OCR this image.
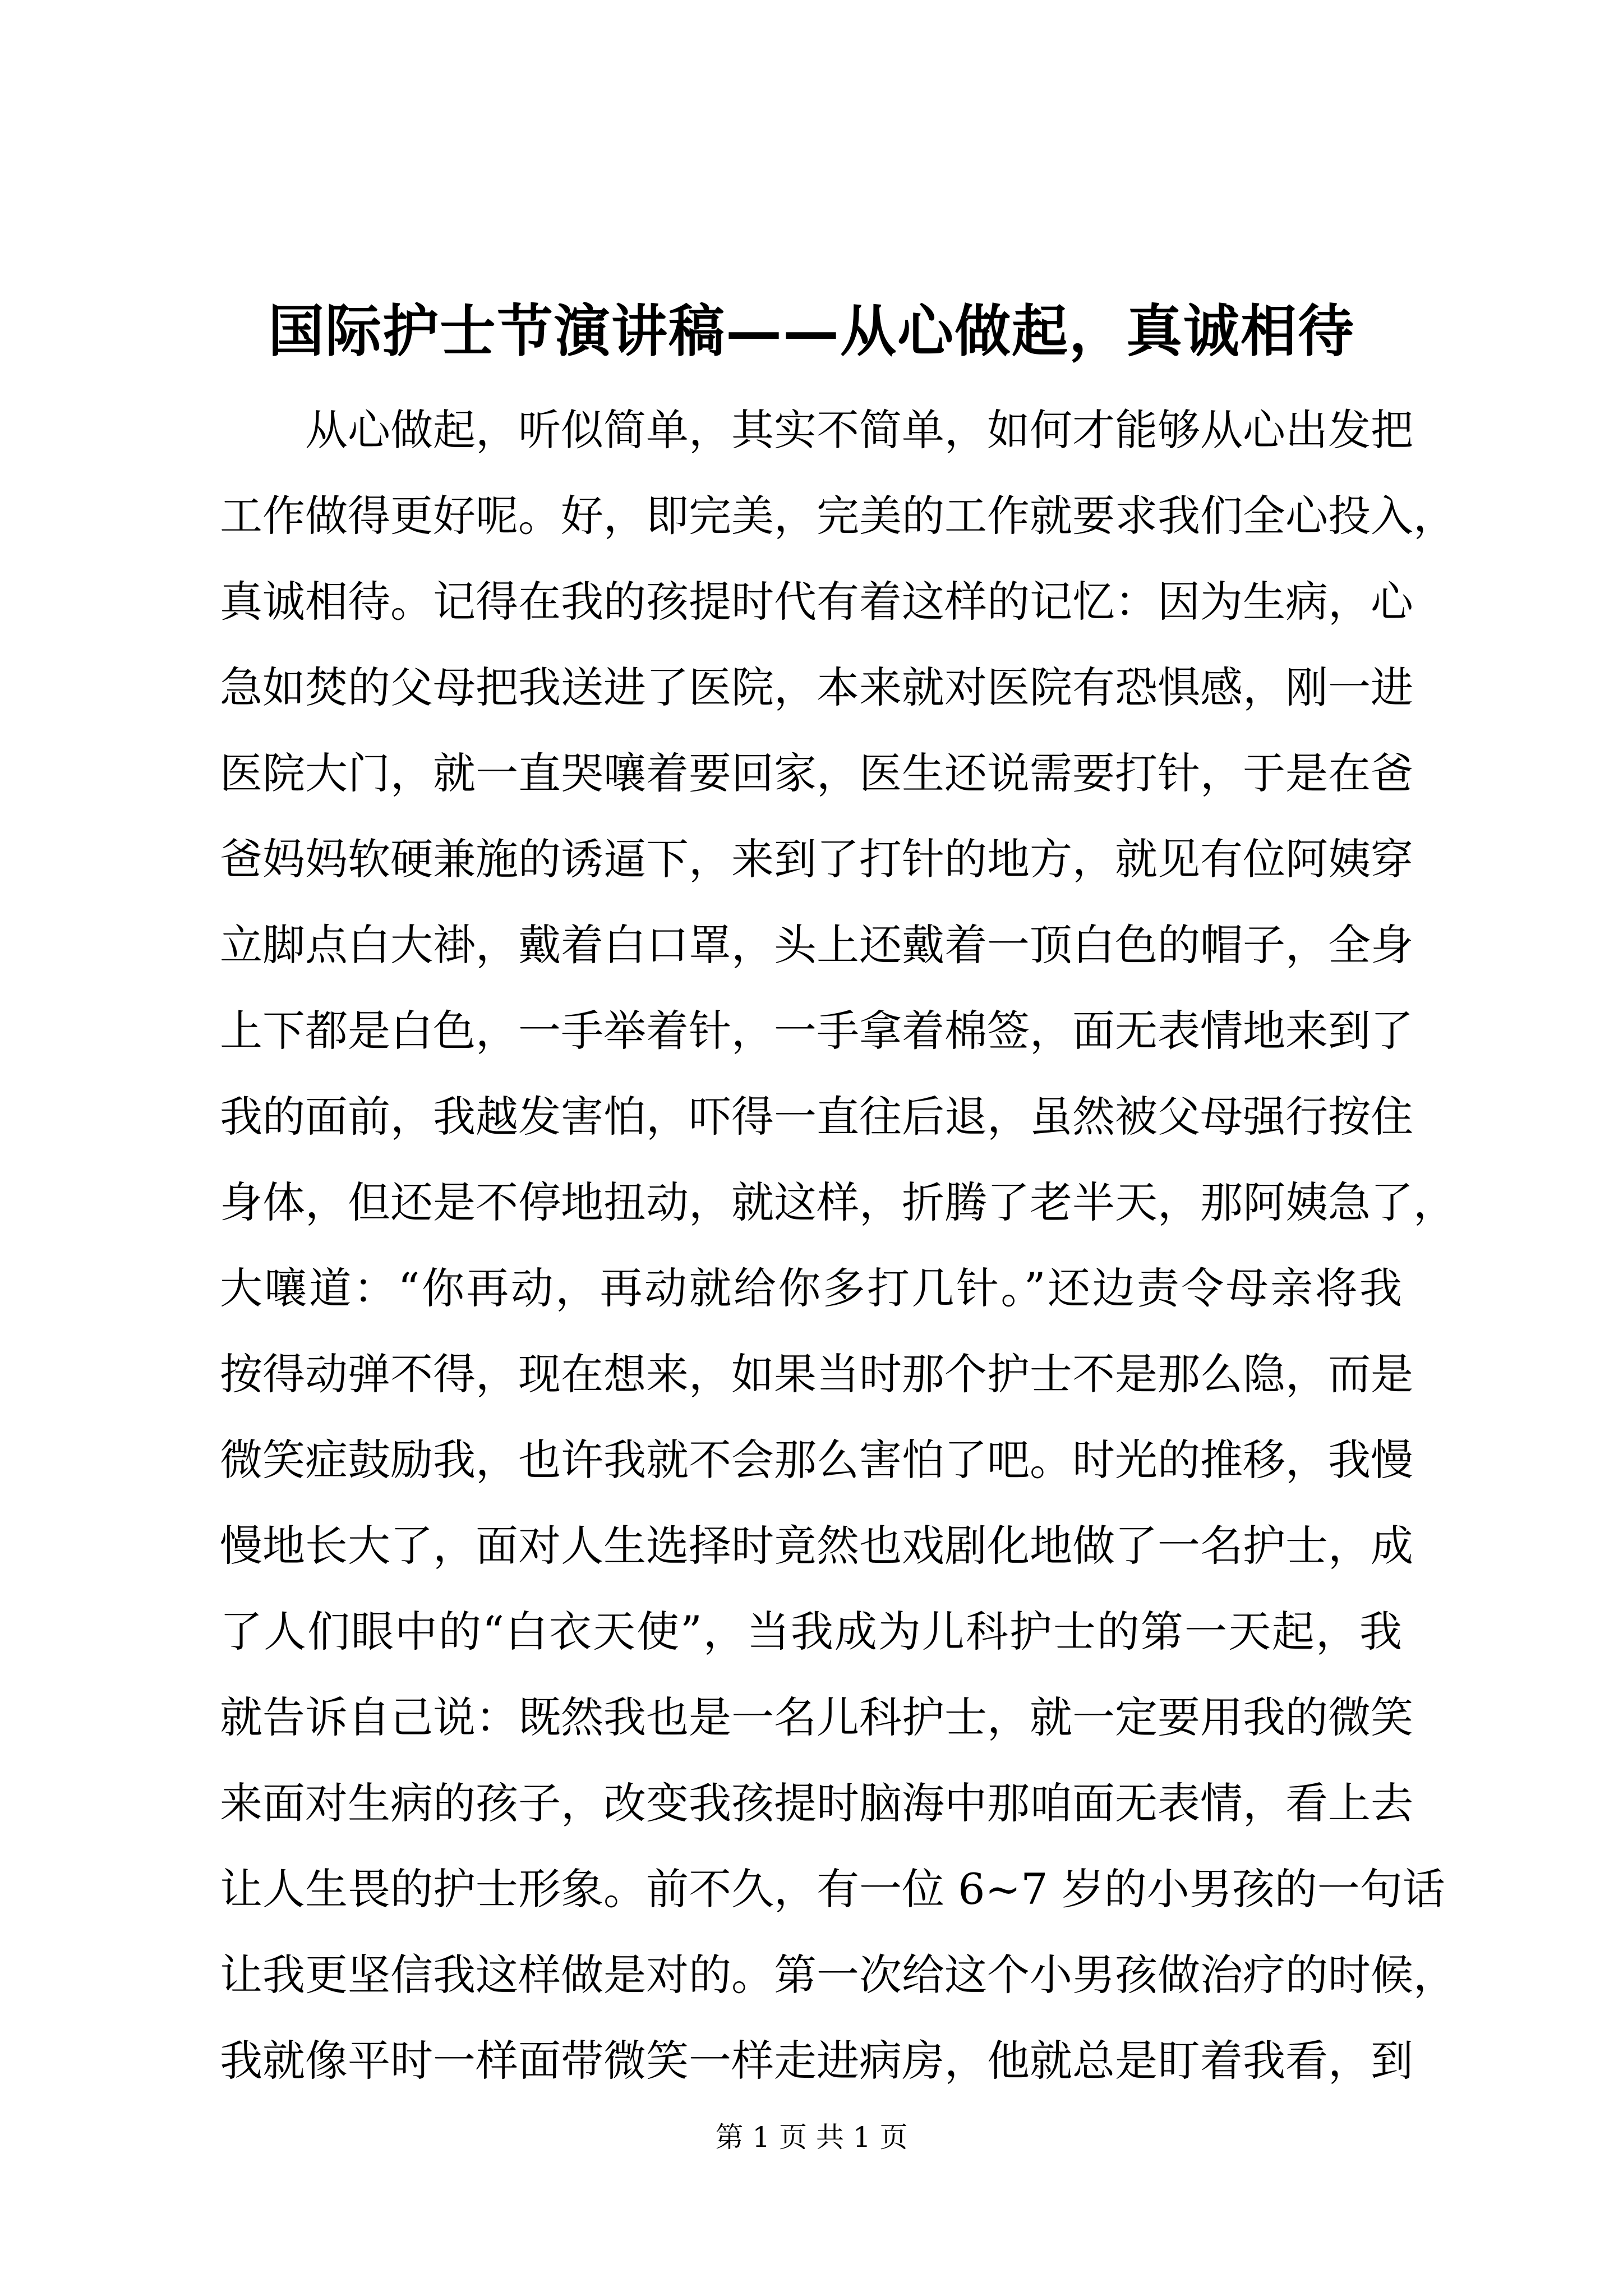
国际护士节演讲稿——从心做起，真诚相待
从心做起，听似简单，其实不简单，如何才能够从心出发把
工作做得更好呢。好，即完美，完美的工作就要求我们全心投入，
真诚相待。记得在我的孩提时代有着这样的记忆：因为生病，心
急如焚的父母把我送进了医院，本来就对医院有恐惧感，刚一进
医院大门，就一直哭嚷着要回家，医生还说需要打针，于是在爸
爸妈妈软硬兼施的诱逼下，来到了打针的地方，就见有位阿姨穿
立脚点白大褂，戴着白口罩，头上还戴着一顶白色的帽子，全身
上下都是白色，一手举着针，一手拿着棉签，面无表情地来到了
我的面前，我越发害怕，吓得一直往后退，虽然被父母强行按住
身体，但还是不停地扭动，就这样，折腾了老半天，那阿姨急了，
大嚷道：“你再动，再动就给你多打几针。”还边责令母亲将我
按得动弹不得，现在想来，如果当时那个护士不是那么隐，而是
微笑症鼓励我，也许我就不会那么害怕了吧。时光的推移，我慢
慢地长大了，面对人生选择时竟然也戏剧化地做了一名护士，成
了人们眼中的“白衣天使”，当我成为儿科护士的第一天起，我
就告诉自己说：既然我也是一名儿科护士，就一定要用我的微笑
来面对生病的孩子，改变我孩提时脑海中那咱面无表情，看上去
让人生畏的护士形象。前不久，有一位 6~7 岁的小男孩的一句话
让我更坚信我这样做是对的。第一次给这个小男孩做治疗的时候，
我就像平时一样面带微笑一样走进病房，他就总是盯着我看，到
第 1 页 共 1 页
